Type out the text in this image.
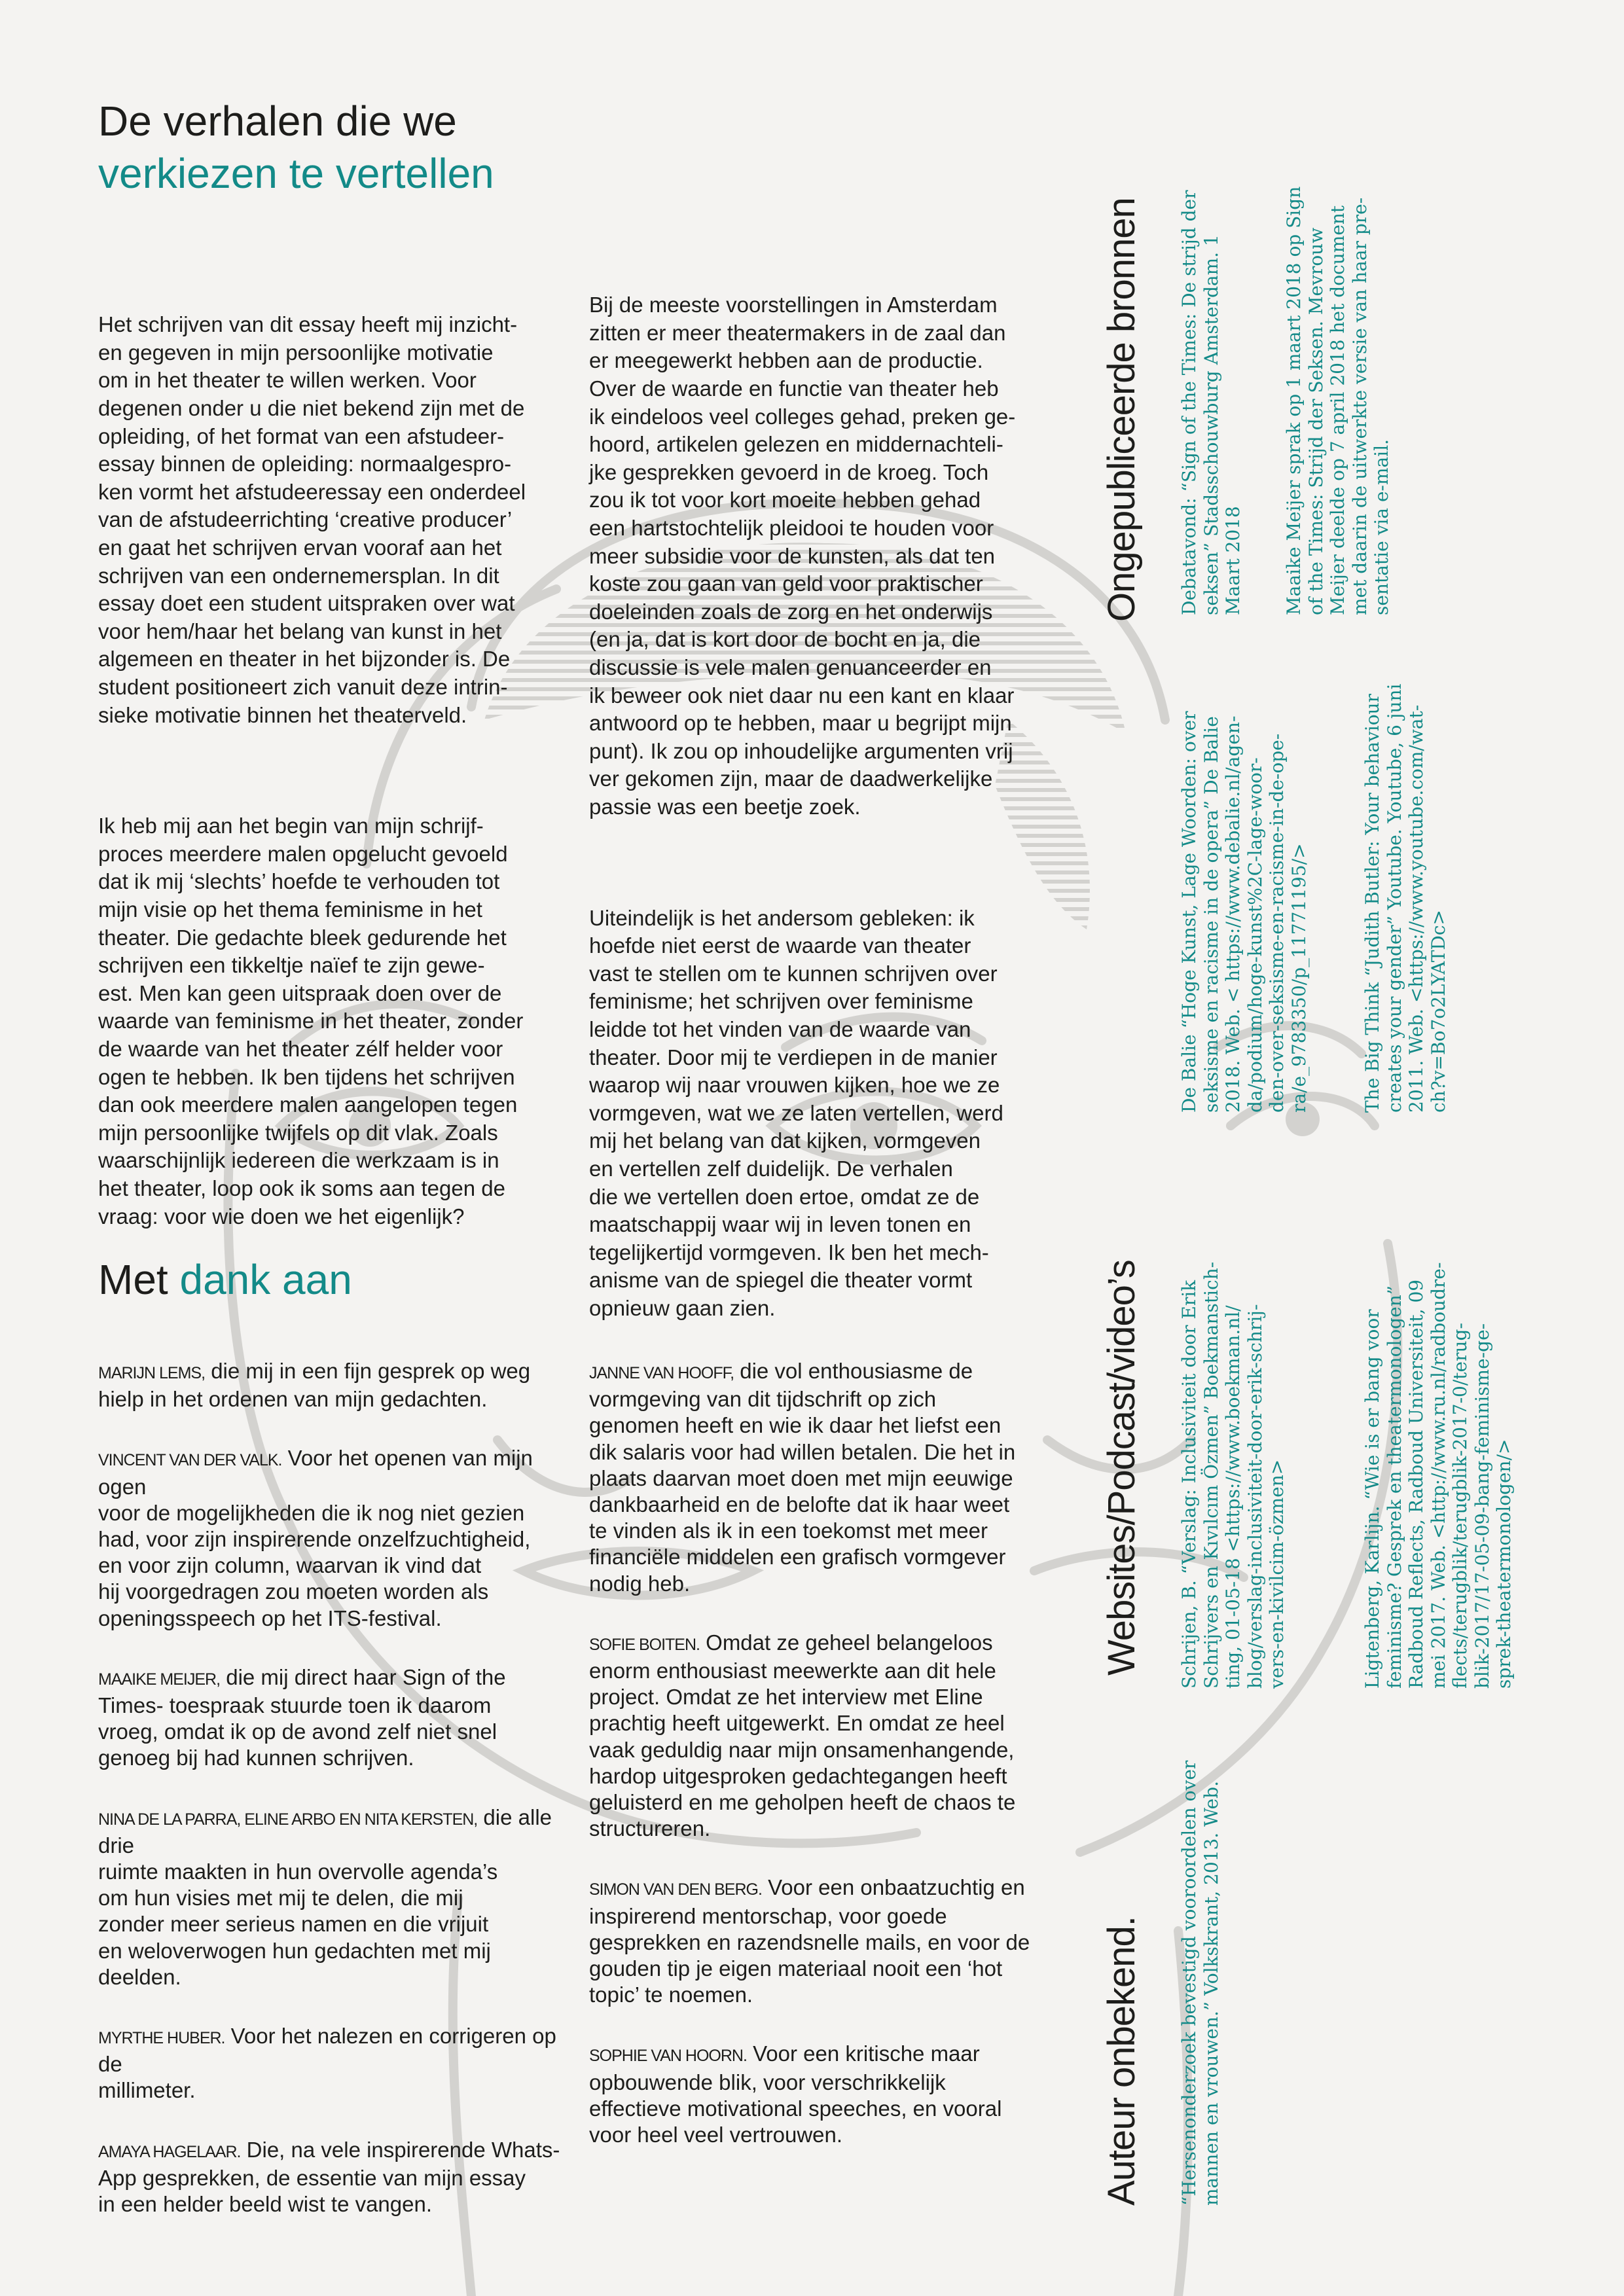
De verhalen die we
verkiezen te vertellen

Het schrijven van dit essay heeft mij inzicht-
en gegeven in mijn persoonlijke motivatie
om in het theater te willen werken. Voor
degenen onder u die niet bekend zijn met de
opleiding, of het format van een afstudeer-
essay binnen de opleiding: normaalgespro-
ken vormt het afstudeeressay een onderdeel
van de afstudeerrichting ‘creative producer’
en gaat het schrijven ervan vooraf aan het
schrijven van een ondernemersplan. In dit
essay doet een student uitspraken over wat
voor hem/haar het belang van kunst in het
algemeen en theater in het bijzonder is. De
student positioneert zich vanuit deze intrin-
sieke motivatie binnen het theaterveld.

Ik heb mij aan het begin van mijn schrijf-
proces meerdere malen opgelucht gevoeld
dat ik mij ‘slechts’ hoefde te verhouden tot
mijn visie op het thema feminisme in het
theater. Die gedachte bleek gedurende het
schrijven een tikkeltje naïef te zijn gewe-
est. Men kan geen uitspraak doen over de
waarde van feminisme in het theater, zonder
de waarde van het theater zélf helder voor
ogen te hebben. Ik ben tijdens het schrijven
dan ook meerdere malen aangelopen tegen
mijn persoonlijke twijfels op dit vlak. Zoals
waarschijnlijk iedereen die werkzaam is in
het theater, loop ook ik soms aan tegen de
vraag: voor wie doen we het eigenlijk?

Bij de meeste voorstellingen in Amsterdam
zitten er meer theatermakers in de zaal dan
er meegewerkt hebben aan de productie.
Over de waarde en functie van theater heb
ik eindeloos veel colleges gehad, preken ge-
hoord, artikelen gelezen en middernachteli-
jke gesprekken gevoerd in de kroeg. Toch
zou ik tot voor kort moeite hebben gehad
een hartstochtelijk pleidooi te houden voor
meer subsidie voor de kunsten, als dat ten
koste zou gaan van geld voor praktischer
doeleinden zoals de zorg en het onderwijs
(en ja, dat is kort door de bocht en ja, die
discussie is vele malen genuanceerder en
ik beweer ook niet daar nu een kant en klaar
antwoord op te hebben, maar u begrijpt mijn
punt). Ik zou op inhoudelijke argumenten vrij
ver gekomen zijn, maar de daadwerkelijke
passie was een beetje zoek.

Uiteindelijk is het andersom gebleken: ik
hoefde niet eerst de waarde van theater
vast te stellen om te kunnen schrijven over
feminisme; het schrijven over feminisme
leidde tot het vinden van de waarde van
theater. Door mij te verdiepen in de manier
waarop wij naar vrouwen kijken, hoe we ze
vormgeven, wat we ze laten vertellen, werd
mij het belang van dat kijken, vormgeven
en vertellen zelf duidelijk. De verhalen
die we vertellen doen ertoe, omdat ze de
maatschappij waar wij in leven tonen en
tegelijkertijd vormgeven. Ik ben het mech-
anisme van de spiegel die theater vormt
opnieuw gaan zien.

Met dank aan
MARIJN LEMS, die mij in een fijn gesprek op weg
hielp in het ordenen van mijn gedachten.
VINCENT VAN DER VALK. Voor het openen van mijn ogen
voor de mogelijkheden die ik nog niet gezien
had, voor zijn inspirerende onzelfzuchtigheid,
en voor zijn column, waarvan ik vind dat
hij voorgedragen zou moeten worden als
openingsspeech op het ITS-festival.
MAAIKE MEIJER, die mij direct haar Sign of the
Times- toespraak stuurde toen ik daarom
vroeg, omdat ik op de avond zelf niet snel
genoeg bij had kunnen schrijven.
NINA DE LA PARRA, ELINE ARBO EN NITA KERSTEN, die alle drie
ruimte maakten in hun overvolle agenda’s
om hun visies met mij te delen, die mij
zonder meer serieus namen en die vrijuit
en weloverwogen hun gedachten met mij
deelden.
MYRTHE HUBER. Voor het nalezen en corrigeren op de
millimeter.
AMAYA HAGELAAR. Die, na vele inspirerende Whats-
App gesprekken, de essentie van mijn essay
in een helder beeld wist te vangen.
JANNE VAN HOOFF, die vol enthousiasme de
vormgeving van dit tijdschrift op zich
genomen heeft en wie ik daar het liefst een
dik salaris voor had willen betalen. Die het in
plaats daarvan moet doen met mijn eeuwige
dankbaarheid en de belofte dat ik haar weet
te vinden als ik in een toekomst met meer
financiële middelen een grafisch vormgever
nodig heb.
SOFIE BOITEN. Omdat ze geheel belangeloos
enorm enthousiast meewerkte aan dit hele
project. Omdat ze het interview met Eline
prachtig heeft uitgewerkt. En omdat ze heel
vaak geduldig naar mijn onsamenhangende,
hardop uitgesproken gedachtegangen heeft
geluisterd en me geholpen heeft de chaos te
structureren.
SIMON VAN DEN BERG. Voor een onbaatzuchtig en
inspirerend mentorschap, voor goede
gesprekken en razendsnelle mails, en voor de
gouden tip je eigen materiaal nooit een ‘hot
topic’ te noemen.
SOPHIE VAN HOORN. Voor een kritische maar
opbouwende blik, voor verschrikkelijk
effectieve motivational speeches, en vooral
voor heel veel vertrouwen.
Ongepubliceerde bronnen Debatavond: “Sign of the Times: De strijd der
seksen” Stadsschouwburg Amsterdam. 1
Maart 2018
Maaike Meijer sprak op 1 maart 2018 op Sign
of the Times: Strijd der Seksen. Mevrouw
Meijer deelde op 7 april 2018 het document
met daarin de uitwerkte versie van haar pre-
sentatie via e-mail.
Websites/Podcast/video’s
De Balie “Hoge Kunst, Lage Woorden: over
seksisme en racisme in de opera” De Balie
2018. Web. < https://www.debalie.nl/agen-
da/podium/hoge-kunst%2C-lage-woor-
den-over-seksisme-en-racisme-in-de-ope-
ra/e_9783350/p_11771195/>	The Big Think “Judith Butler: Your behaviour
creates your gender” Youtube. Youtube, 6 juni
2011. Web. <https://www.youtube.com/wat-
ch?v=Bo7o2LYATDc>
Schrijen, B. “Verslag: Inclusiviteit door Erik
Schrijvers en Kıvılcım Özmen” Boekmanstich-
ting, 01-05-18 <https://www.boekman.nl/
blog/verslag-inclusiviteit-door-erik-schrij-
vers-en-kivilcim-özmen>	Ligtenberg, Karlijn. “Wie is er bang voor
feminisme? Gesprek en theatermonologen”
Radboud Reflects, Radboud Universiteit, 09
mei 2017. Web. <http://www.ru.nl/radboudre-
flects/terugblik/terugblik-2017-0/terug-
blik-2017/17-05-09-bang-feminisme-ge-
sprek-theatermonologen/>
Auteur onbekend. “Hersenonderzoek bevestigd vooroordelen over
mannen en vrouwen.” Volkskrant, 2013. Web.
